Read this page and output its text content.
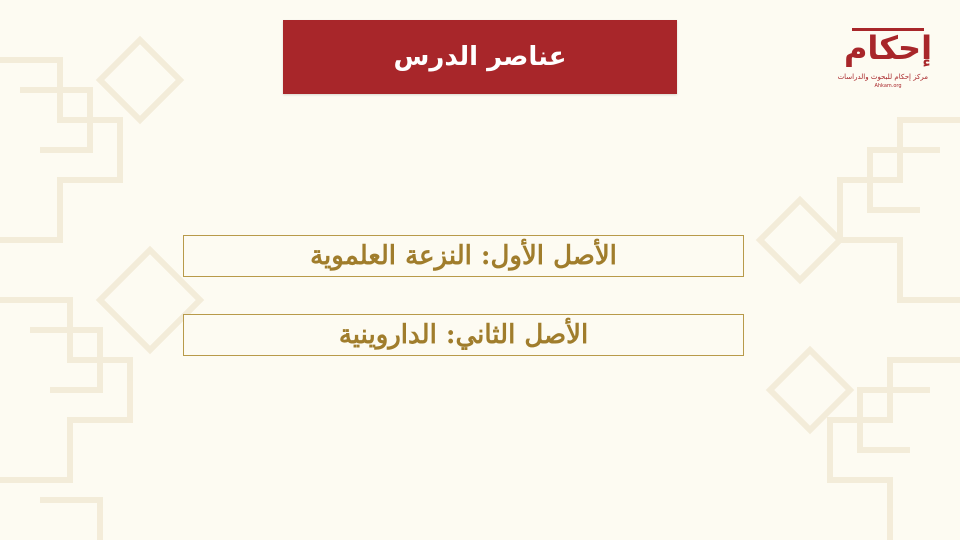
عناصر الدرس
الأصل الأول: النزعة العلموية
الأصل الثاني: الداروينية
إحكام
مركز إحكام للبحوث والدراسات
Ahkam.org
